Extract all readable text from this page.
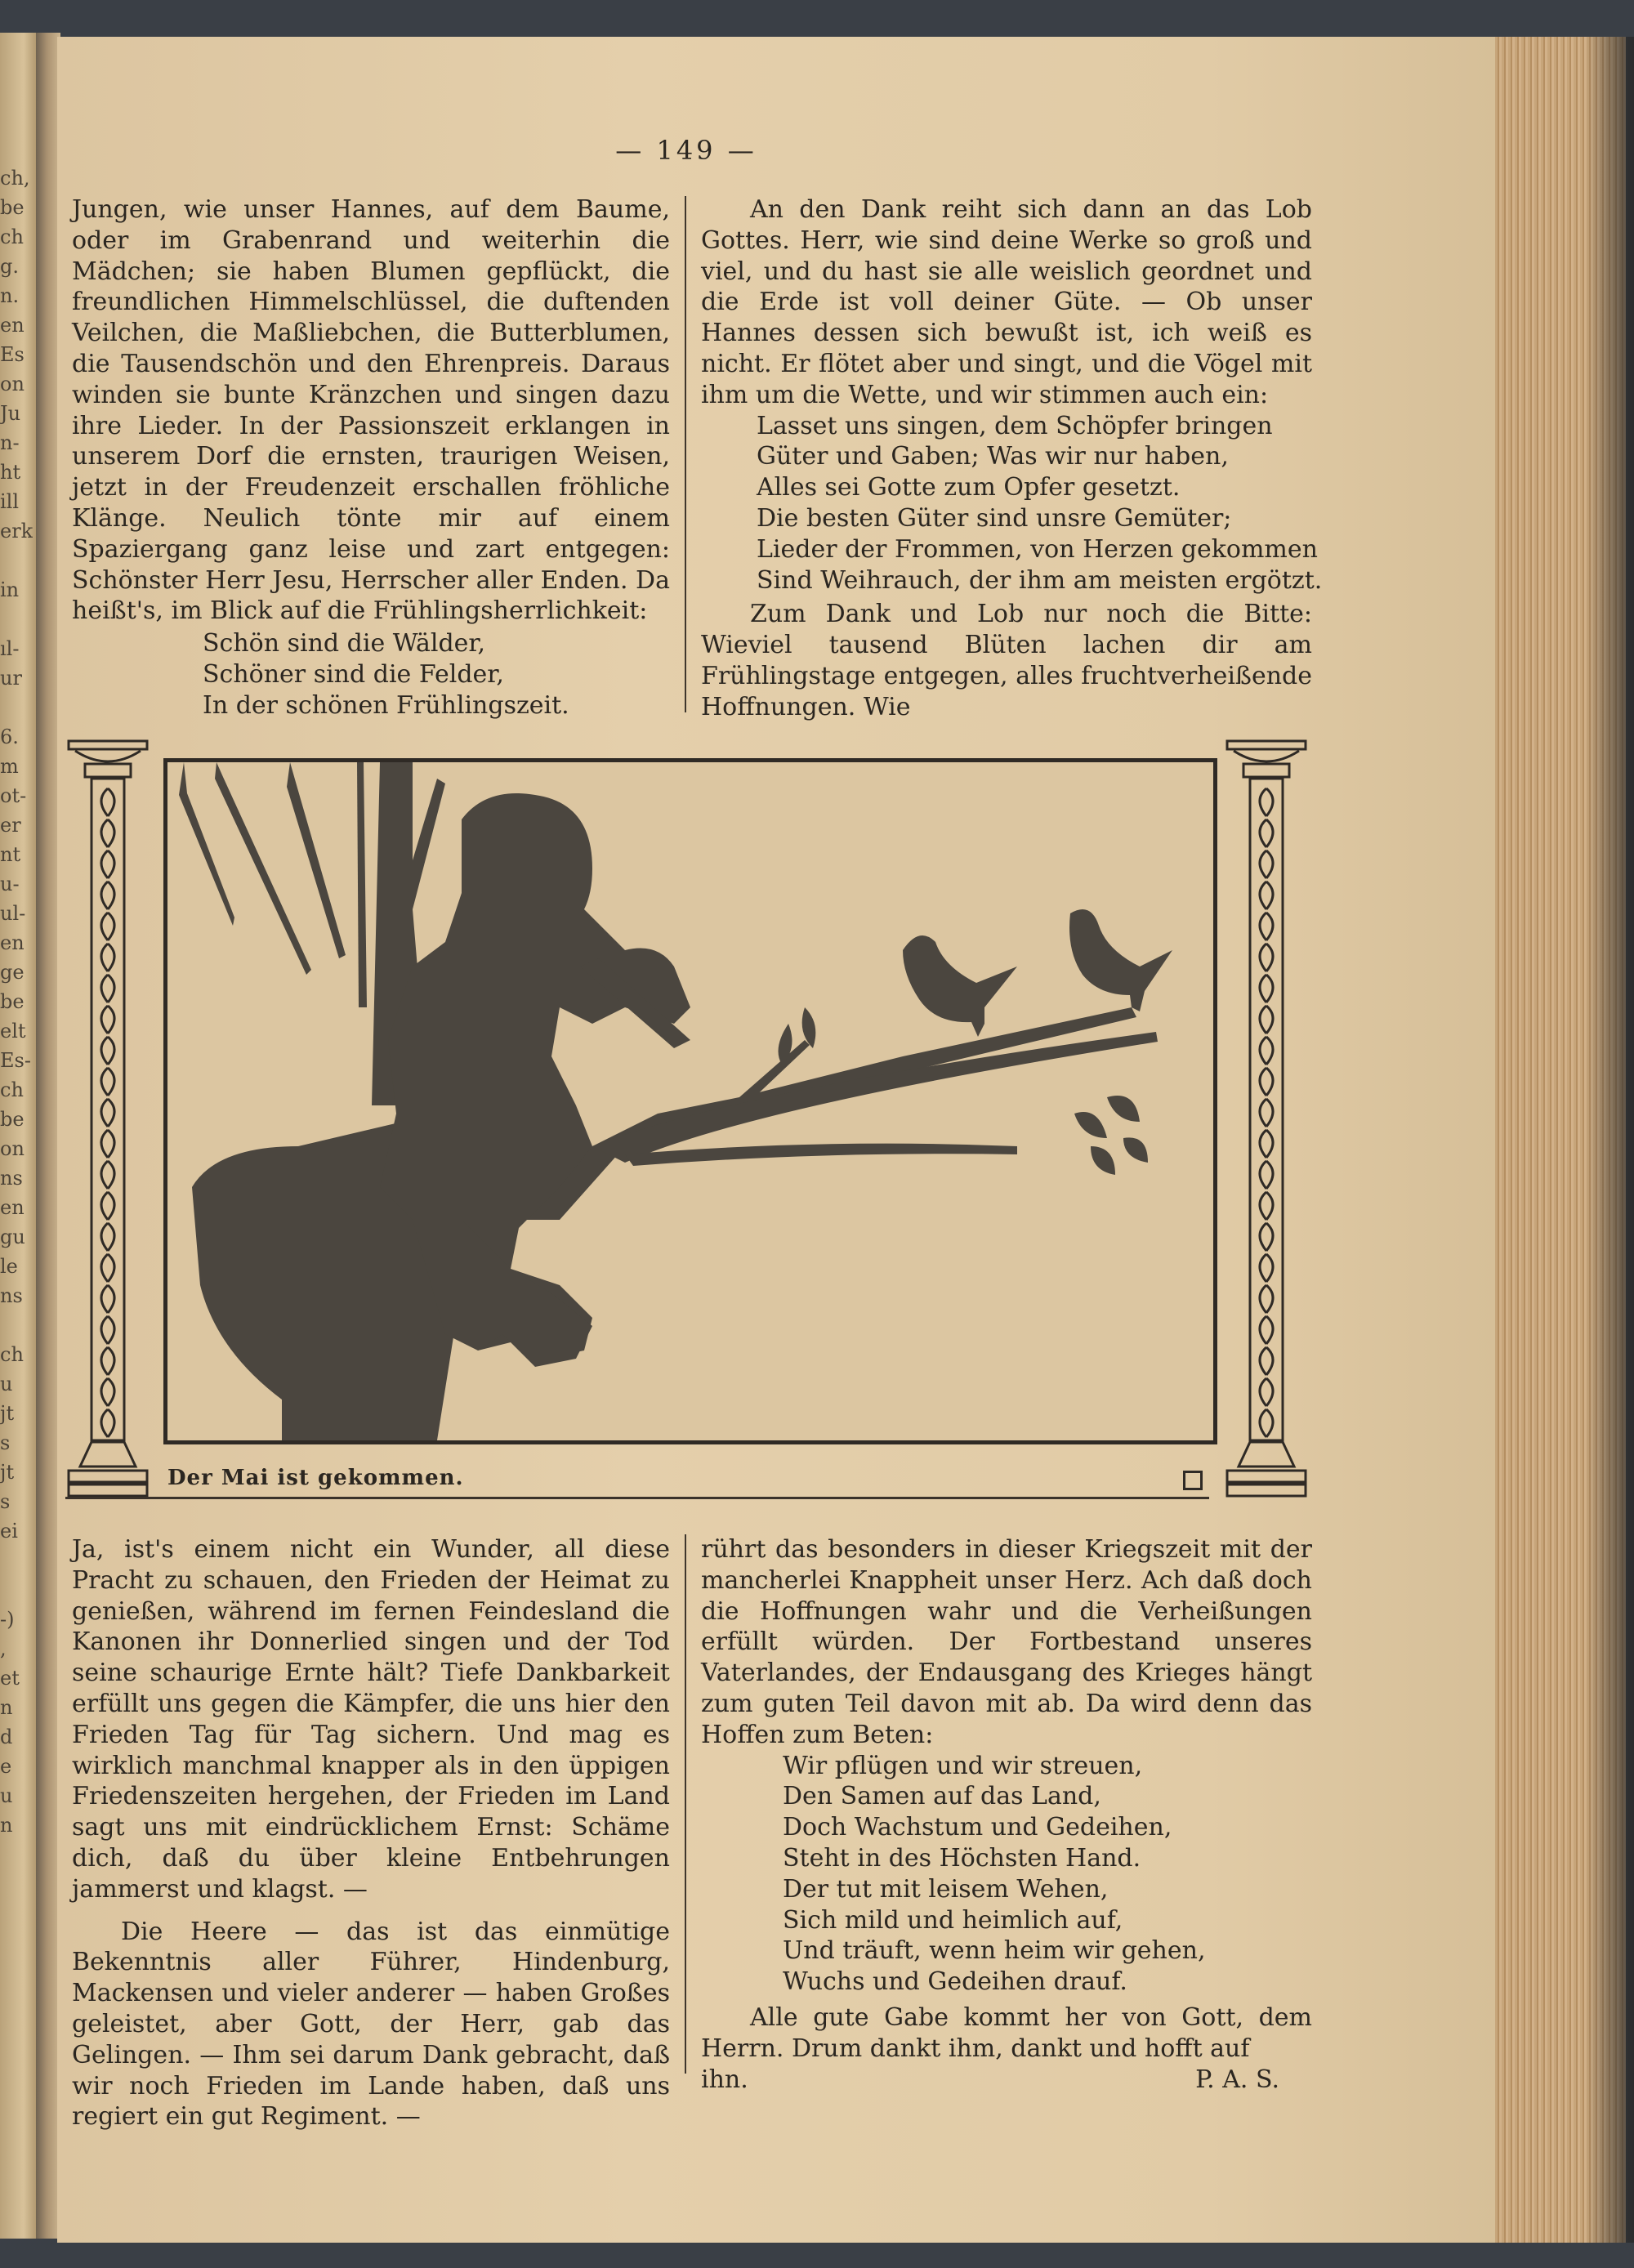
ch,
be
ch
g.
n.
en
Es
on
Ju
n-
ht
ill
erk

in

ıl-
ur

6.
m
ot-
er
nt
u-
ul-
en
ge
be
elt
Es-
ch
be
on
ns
en
gu
le
ns

ch
u
jt
s
jt
s
ei

-)
,
et
n
d
e
u
n

— 149 —

Jungen, wie unser Hannes, auf dem Baume, oder im Grabenrand und weiterhin die Mädchen; sie haben Blumen gepflückt, die freundlichen Himmelschlüssel, die duftenden Veilchen, die Maßliebchen, die Butterblumen, die Tausendschön und den Ehrenpreis. Daraus winden sie bunte Kränzchen und singen dazu ihre Lieder. In der Passionszeit erklangen in unserem Dorf die ernsten, traurigen Weisen, jetzt in der Freudenzeit erschallen fröhliche Klänge. Neulich tönte mir auf einem Spaziergang ganz leise und zart entgegen: Schönster Herr Jesu, Herrscher aller Enden. Da heißt's, im Blick auf die Frühlingsherrlichkeit:

Schön sind die Wälder,
Schöner sind die Felder,
In der schönen Frühlingszeit.

An den Dank reiht sich dann an das Lob Gottes. Herr, wie sind deine Werke so groß und viel, und du hast sie alle weislich geordnet und die Erde ist voll deiner Güte. — Ob unser Hannes dessen sich bewußt ist, ich weiß es nicht. Er flötet aber und singt, und die Vögel mit ihm um die Wette, und wir stimmen auch ein:

Lasset uns singen, dem Schöpfer bringen
Güter und Gaben; Was wir nur haben,
Alles sei Gotte zum Opfer gesetzt.
Die besten Güter sind unsre Gemüter;
Lieder der Frommen, von Herzen gekommen
Sind Weihrauch, der ihm am meisten ergötzt.

Zum Dank und Lob nur noch die Bitte: Wieviel tausend Blüten lachen dir am Frühlingstage entgegen, alles fruchtverheißende Hoffnungen. Wie

Der Mai ist gekommen.

Ja, ist's einem nicht ein Wunder, all diese Pracht zu schauen, den Frieden der Heimat zu genießen, während im fernen Feindesland die Kanonen ihr Donnerlied singen und der Tod seine schaurige Ernte hält? Tiefe Dankbarkeit erfüllt uns gegen die Kämpfer, die uns hier den Frieden Tag für Tag sichern. Und mag es wirklich manchmal knapper als in den üppigen Friedenszeiten hergehen, der Frieden im Land sagt uns mit eindrücklichem Ernst: Schäme dich, daß du über kleine Entbehrungen jammerst und klagst. —

Die Heere — das ist das einmütige Bekenntnis aller Führer, Hindenburg, Mackensen und vieler anderer — haben Großes geleistet, aber Gott, der Herr, gab das Gelingen. — Ihm sei darum Dank gebracht, daß wir noch Frieden im Lande haben, daß uns regiert ein gut Regiment. —

rührt das besonders in dieser Kriegszeit mit der mancherlei Knappheit unser Herz. Ach daß doch die Hoffnungen wahr und die Verheißungen erfüllt würden. Der Fortbestand unseres Vaterlandes, der Endausgang des Krieges hängt zum guten Teil davon mit ab. Da wird denn das Hoffen zum Beten:

Wir pflügen und wir streuen,
Den Samen auf das Land,
Doch Wachstum und Gedeihen,
Steht in des Höchsten Hand.
Der tut mit leisem Wehen,
Sich mild und heimlich auf,
Und träuft, wenn heim wir gehen,
Wuchs und Gedeihen drauf.

Alle gute Gabe kommt her von Gott, dem Herrn. Drum dankt ihm, dankt und hofft auf

ihn.	P. A. S.
